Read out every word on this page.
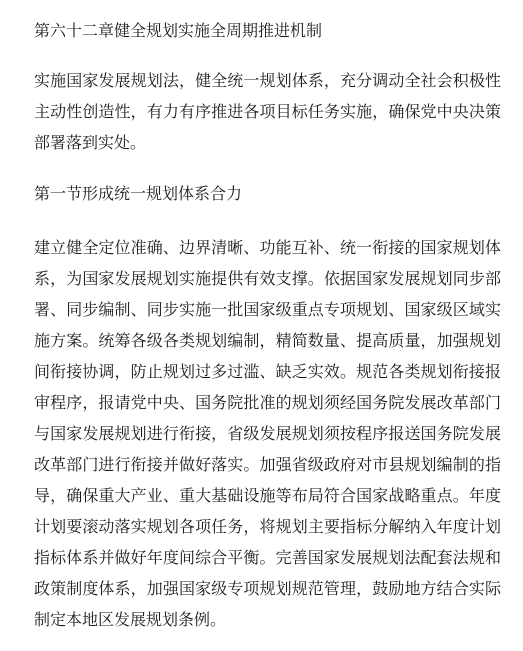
第六十二章健全规划实施全周期推进机制

实施国家发展规划法，健全统一规划体系，充分调动全社会积极性主动性创造性，有力有序推进各项目标任务实施，确保党中央决策部署落到实处。

第一节形成统一规划体系合力

建立健全定位准确、边界清晰、功能互补、统一衔接的国家规划体系，为国家发展规划实施提供有效支撑。依据国家发展规划同步部署、同步编制、同步实施一批国家级重点专项规划、国家级区域实施方案。统筹各级各类规划编制，精简数量、提高质量，加强规划间衔接协调，防止规划过多过滥、缺乏实效。规范各类规划衔接报审程序，报请党中央、国务院批准的规划须经国务院发展改革部门与国家发展规划进行衔接，省级发展规划须按程序报送国务院发展改革部门进行衔接并做好落实。加强省级政府对市县规划编制的指导，确保重大产业、重大基础设施等布局符合国家战略重点。年度计划要滚动落实规划各项任务，将规划主要指标分解纳入年度计划指标体系并做好年度间综合平衡。完善国家发展规划法配套法规和政策制度体系，加强国家级专项规划规范管理，鼓励地方结合实际制定本地区发展规划条例。
